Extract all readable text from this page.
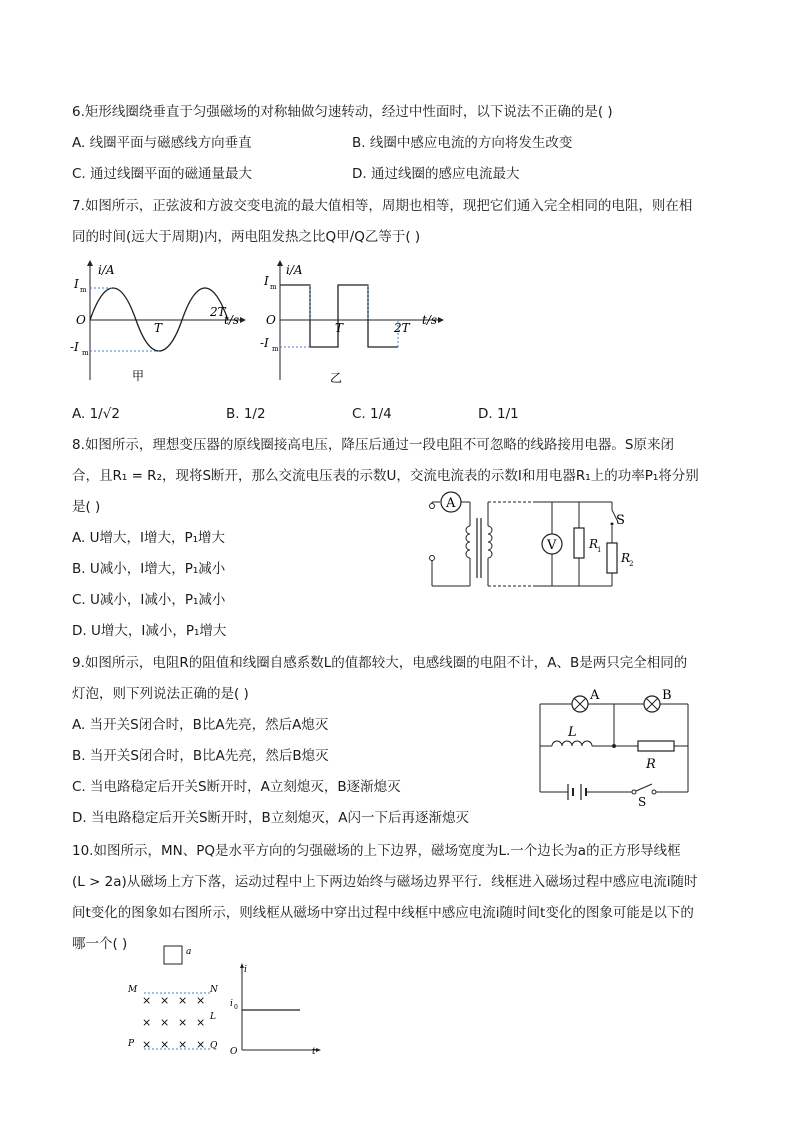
6.矩形线圈绕垂直于匀强磁场的对称轴做匀速转动，经过中性面时，以下说法不正确的是( )
A. 线圈平面与磁感线方向垂直	B. 线圈中感应电流的方向将发生改变
C. 通过线圈平面的磁通量最大	D. 通过线圈的感应电流最大
7.如图所示，正弦波和方波交变电流的最大值相等，周期也相等，现把它们通入完全相同的电阻，则在相
同的时间(远大于周期)内，两电阻发热之比Q甲/Q乙等于( )
i/A
t/s
O
I m
-I m
T
2T
甲
i/A
t/s
O
I m
-I m
T	2T
乙
A. 1/√2	B. 1/2	C. 1/4	D. 1/1
8.如图所示，理想变压器的原线圈接高电压，降压后通过一段电阻不可忽略的线路接用电器。S原来闭
合，且R₁ = R₂，现将S断开，那么交流电压表的示数U，交流电流表的示数I和用电器R₁上的功率P₁将分别
是( )
A. U增大，I增大，P₁增大
B. U减小，I增大，P₁减小
C. U减小，I减小，P₁减小
D. U增大，I减小，P₁增大
A
V	R
1
S
R
2
9.如图所示，电阻R的阻值和线圈自感系数L的值都较大，电感线圈的电阻不计，A、B是两只完全相同的
灯泡，则下列说法正确的是( )
A. 当开关S闭合时，B比A先亮，然后A熄灭
B. 当开关S闭合时，B比A先亮，然后B熄灭
C. 当电路稳定后开关S断开时，A立刻熄灭，B逐渐熄灭
D. 当电路稳定后开关S断开时，B立刻熄灭，A闪一下后再逐渐熄灭
A	B
L
R
S
10.如图所示，MN、PQ是水平方向的匀强磁场的上下边界，磁场宽度为L.一个边长为a的正方形导线框
(L > 2a)从磁场上方下落，运动过程中上下两边始终与磁场边界平行．线框进入磁场过程中感应电流i随时
间t变化的图象如右图所示，则线框从磁场中穿出过程中线框中感应电流i随时间t变化的图象可能是以下的
哪一个( )	a
M	N
× × × ×
× × × × L
P × × × × Q
i
t
O
i 0
